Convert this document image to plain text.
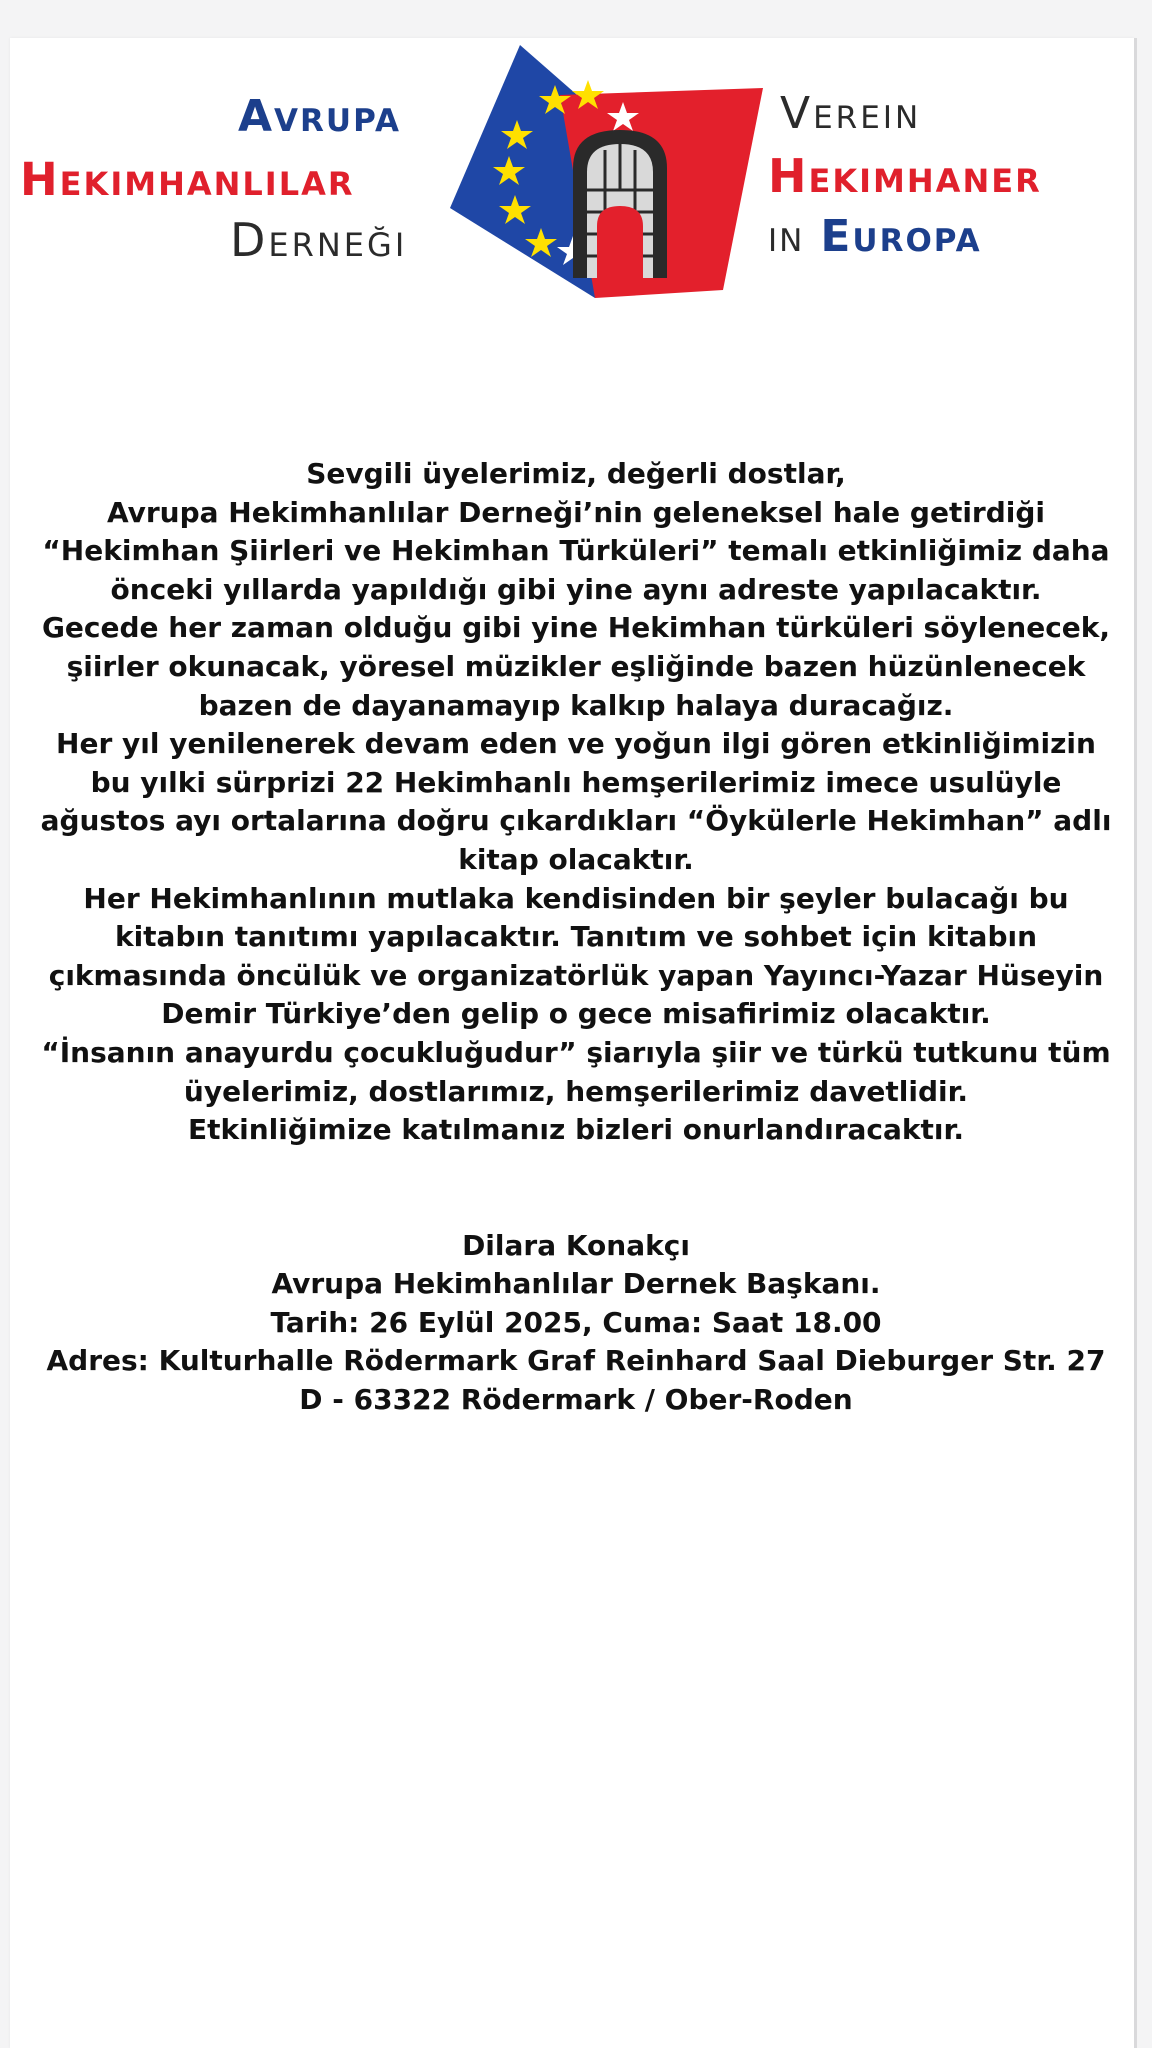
Avrupa
Hekimhanlılar
Derneği
Verein
Hekimhaner
in Europa

Sevgili üyelerimiz, değerli dostlar,

Avrupa Hekimhanlılar Derneği’nin geleneksel hale getirdiği “Hekimhan Şiirleri ve Hekimhan Türküleri” temalı etkinliğimiz daha önceki yıllarda yapıldığı gibi yine aynı adreste yapılacaktır.

Gecede her zaman olduğu gibi yine Hekimhan türküleri söylenecek, şiirler okunacak, yöresel müzikler eşliğinde bazen hüzünlenecek bazen de dayanamayıp kalkıp halaya duracağız.

Her yıl yenilenerek devam eden ve yoğun ilgi gören etkinliğimizin bu yılki sürprizi 22 Hekimhanlı hemşerilerimiz imece usulüyle ağustos ayı ortalarına doğru çıkardıkları “Öykülerle Hekimhan” adlı kitap olacaktır.

Her Hekimhanlının mutlaka kendisinden bir şeyler bulacağı bu kitabın tanıtımı yapılacaktır. Tanıtım ve sohbet için kitabın çıkmasında öncülük ve organizatörlük yapan Yayıncı-Yazar Hüseyin Demir Türkiye’den gelip o gece misafirimiz olacaktır.

“İnsanın anayurdu çocukluğudur” şiarıyla şiir ve türkü tutkunu tüm üyelerimiz, dostlarımız, hemşerilerimiz davetlidir.

Etkinliğimize katılmanız bizleri onurlandıracaktır.

Dilara Konakçı

Avrupa Hekimhanlılar Dernek Başkanı.

Tarih: 26 Eylül 2025, Cuma: Saat 18.00

Adres: Kulturhalle Rödermark Graf Reinhard Saal Dieburger Str. 27 D - 63322 Rödermark / Ober-Roden
